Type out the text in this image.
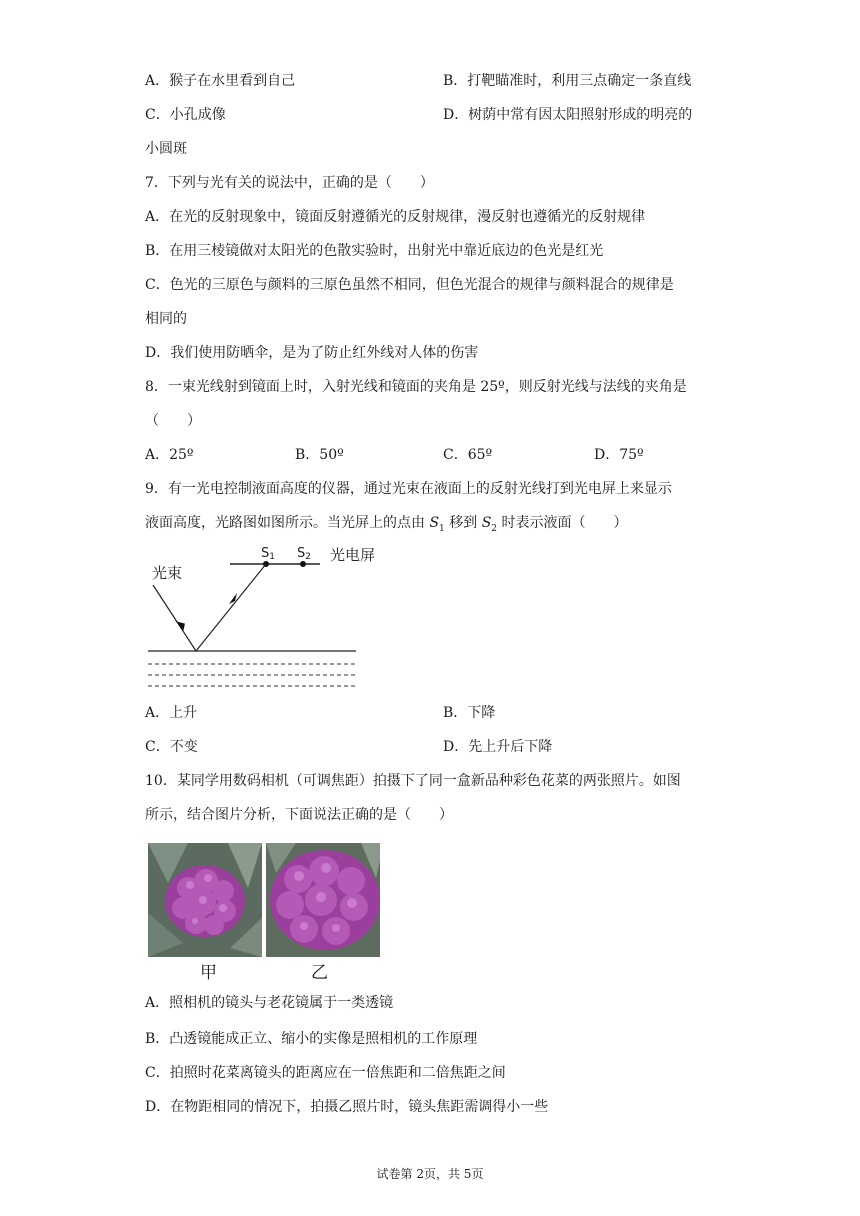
A．猴子在水里看到自己	B．打靶瞄准时，利用三点确定一条直线
C．小孔成像	D．树荫中常有因太阳照射形成的明亮的
小圆斑
7．下列与光有关的说法中，正确的是（　　）
A．在光的反射现象中，镜面反射遵循光的反射规律，漫反射也遵循光的反射规律
B．在用三棱镜做对太阳光的色散实验时，出射光中靠近底边的色光是红光
C．色光的三原色与颜料的三原色虽然不相同，但色光混合的规律与颜料混合的规律是
相同的
D．我们使用防晒伞，是为了防止红外线对人体的伤害
8．一束光线射到镜面上时，入射光线和镜面的夹角是 25º，则反射光线与法线的夹角是
（　　）
A．25º	B．50º	C．65º	D．75º
9．有一光电控制液面高度的仪器，通过光束在液面上的反射光线打到光电屏上来显示
液面高度，光路图如图所示。当光屏上的点由 $S_1$ 移到 $S_2$ 时表示液面（　　）
S1 S2 光电屏
光束
A．上升	B．下降
C．不变	D．先上升后下降
10．某同学用数码相机（可调焦距）拍摄下了同一盒新品种彩色花菜的两张照片。如图
所示，结合图片分析，下面说法正确的是（　　）
甲	乙
A．照相机的镜头与老花镜属于一类透镜
B．凸透镜能成正立、缩小的实像是照相机的工作原理
C．拍照时花菜离镜头的距离应在一倍焦距和二倍焦距之间
D．在物距相同的情况下，拍摄乙照片时，镜头焦距需调得小一些
试卷第 2页，共 5页
